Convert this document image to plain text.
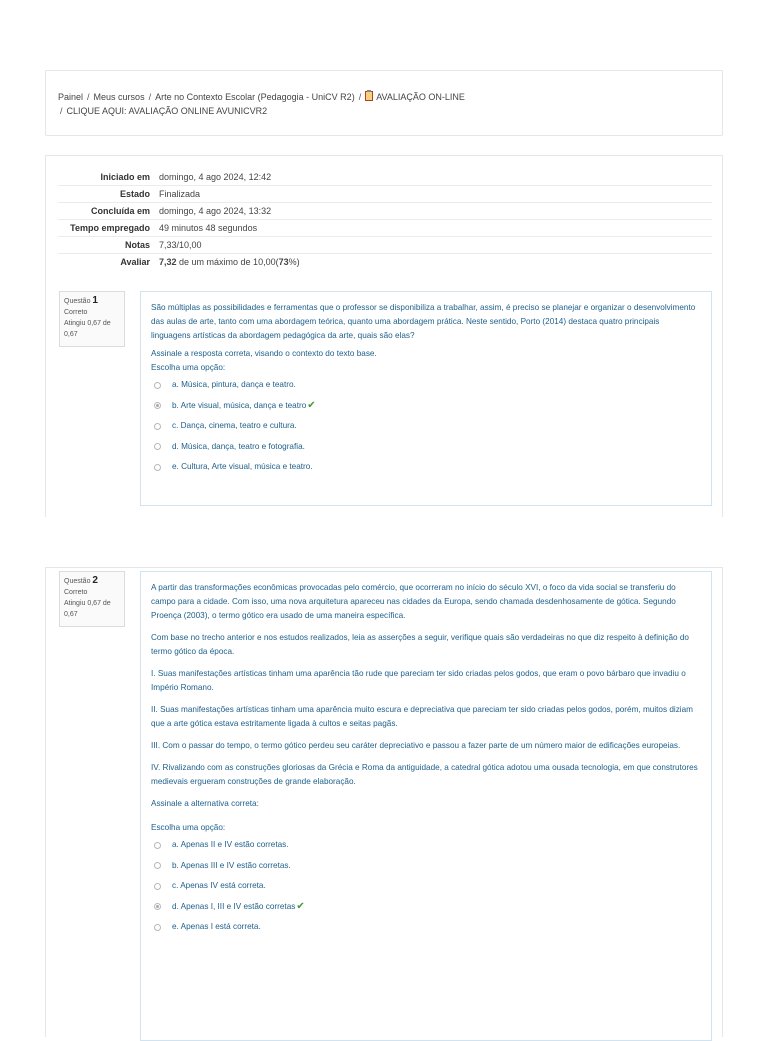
Painel / Meus cursos / Arte no Contexto Escolar (Pedagogia - UniCV R2) / AVALIAÇÃO ON-LINE
/ CLIQUE AQUI: AVALIAÇÃO ONLINE AVUNICVR2
Iniciado em	domingo, 4 ago 2024, 12:42
Estado	Finalizada
Concluída em	domingo, 4 ago 2024, 13:32
Tempo empregado	49 minutos 48 segundos
Notas	7,33/10,00
Avaliar	7,32 de um máximo de 10,00(73%)
Questão 1
Correto
Atingiu 0,67 de 0,67

São múltiplas as possibilidades e ferramentas que o professor se disponibiliza a trabalhar, assim, é preciso se planejar e organizar o desenvolvimento das aulas de arte, tanto com uma abordagem teórica, quanto uma abordagem prática. Neste sentido, Porto (2014) destaca quatro principais linguagens artísticas da abordagem pedagógica da arte, quais são elas?

Assinale a resposta correta, visando o contexto do texto base.

Escolha uma opção:

a. Música, pintura, dança e teatro.
b. Arte visual, música, dança e teatro ✔
c. Dança, cinema, teatro e cultura.
d. Música, dança, teatro e fotografia.
e. Cultura, Arte visual, música e teatro.
Questão 2
Correto
Atingiu 0,67 de 0,67

A partir das transformações econômicas provocadas pelo comércio, que ocorreram no início do século XVI, o foco da vida social se transferiu do campo para a cidade. Com isso, uma nova arquitetura apareceu nas cidades da Europa, sendo chamada desdenhosamente de gótica. Segundo Proença (2003), o termo gótico era usado de uma maneira específica.

Com base no trecho anterior e nos estudos realizados, leia as asserções a seguir, verifique quais são verdadeiras no que diz respeito à definição do termo gótico da época.

I. Suas manifestações artísticas tinham uma aparência tão rude que pareciam ter sido criadas pelos godos, que eram o povo bárbaro que invadiu o Império Romano.

II. Suas manifestações artísticas tinham uma aparência muito escura e depreciativa que pareciam ter sido criadas pelos godos, porém, muitos diziam que a arte gótica estava estritamente ligada à cultos e seitas pagãs.

III. Com o passar do tempo, o termo gótico perdeu seu caráter depreciativo e passou a fazer parte de um número maior de edificações europeias.

IV. Rivalizando com as construções gloriosas da Grécia e Roma da antiguidade, a catedral gótica adotou uma ousada tecnologia, em que construtores medievais ergueram construções de grande elaboração.

Assinale a alternativa correta:

Escolha uma opção:

a. Apenas II e IV estão corretas.
b. Apenas III e IV estão corretas.
c. Apenas IV está correta.
d. Apenas I, III e IV estão corretas ✔
e. Apenas I está correta.
